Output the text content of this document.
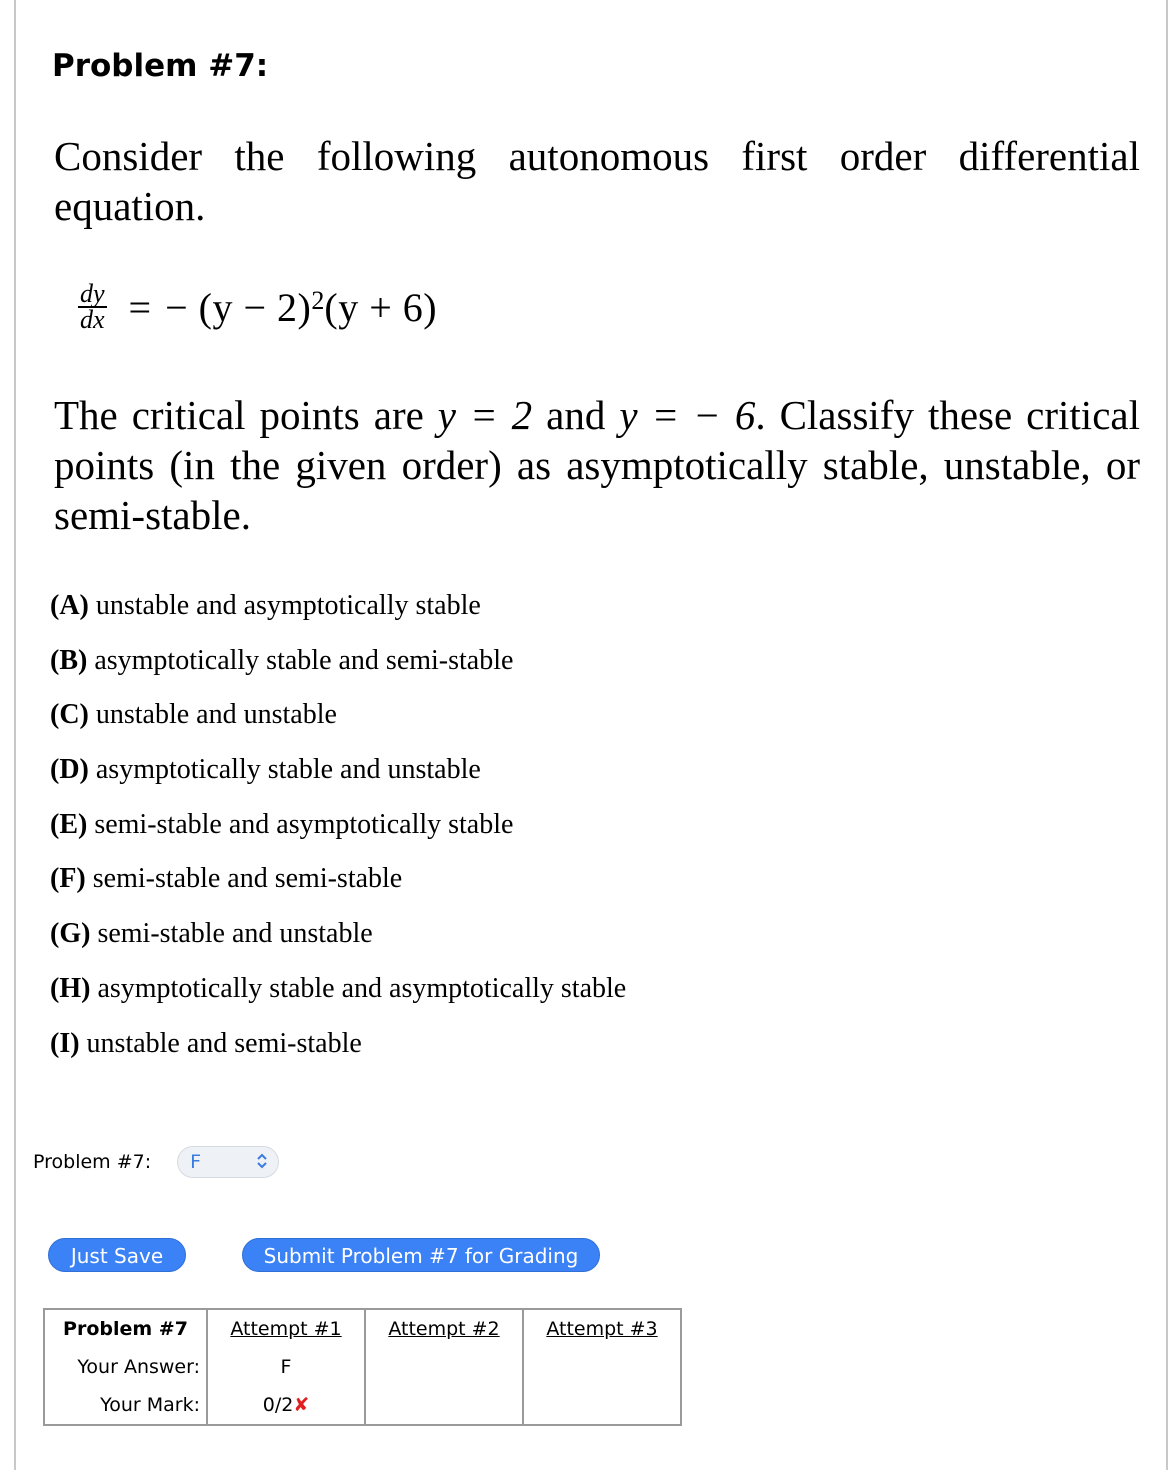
Problem #7:
Consider the following autonomous first order differential equation.
$\frac{dy}{dx}$ = − $(y - 2)^2$ (y + 6)
The critical points are y = 2 and y = − 6. Classify these critical points (in the given order) as asymptotically stable, unstable, or semi-stable.
(A) unstable and asymptotically stable
(B) asymptotically stable and semi-stable
(C) unstable and unstable
(D) asymptotically stable and unstable
(E) semi-stable and asymptotically stable
(F) semi-stable and semi-stable
(G) semi-stable and unstable
(H) asymptotically stable and asymptotically stable
(I) unstable and semi-stable
Problem #7: F
Just Save	Submit Problem #7 for Grading
Problem #7	Attempt #1	Attempt #2	Attempt #3
Your Answer:	F		
Your Mark:	0/2✘		
